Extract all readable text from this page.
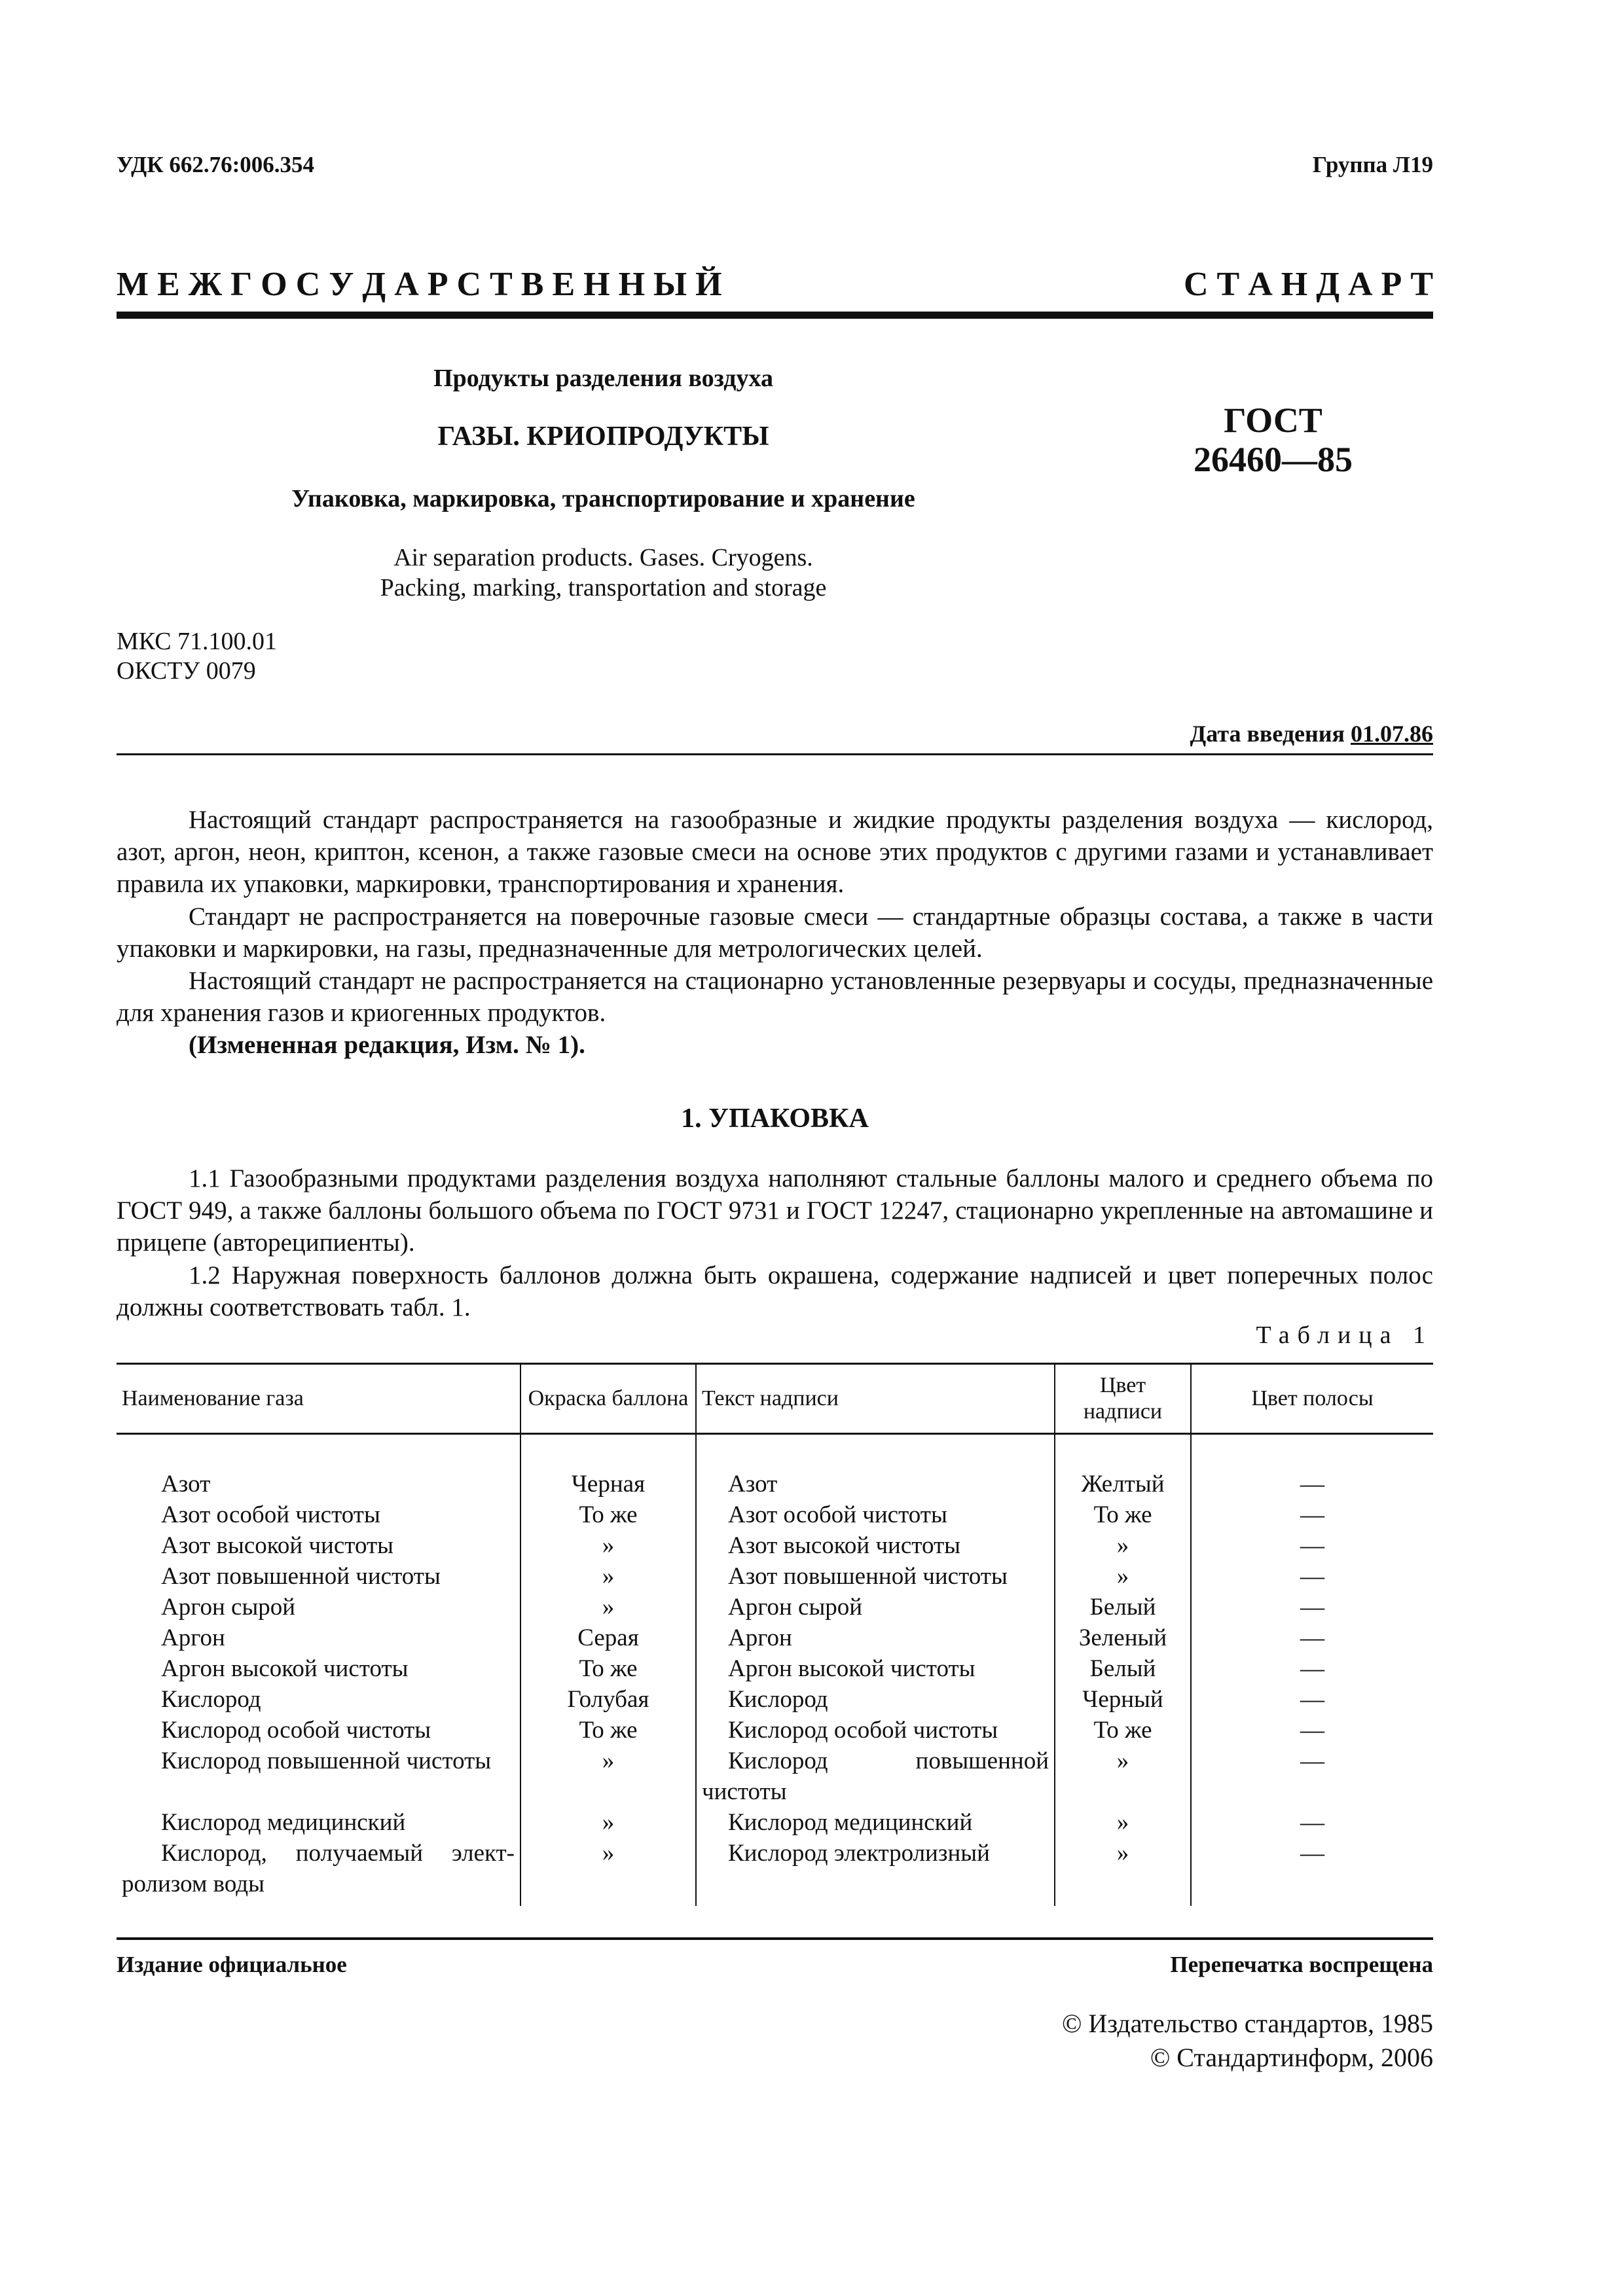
УДК 662.76:006.354	Группа Л19
М Е Ж Г О С У Д А Р С Т В Е Н Н Ы Й	С Т А Н Д А Р Т
Продукты разделения воздуха
ГАЗЫ. КРИОПРОДУКТЫ
Упаковка, маркировка, транспортирование и хранение
Air separation products. Gases. Cryogens.
Packing, marking, transportation and storage
ГОСТ
26460—85
МКС 71.100.01
ОКСТУ 0079
Дата введения 01.07.86
Настоящий стандарт распространяется на газообразные и жидкие продукты разделения воздуха — кислород, азот, аргон, неон, криптон, ксенон, а также газовые смеси на основе этих продуктов с другими газами и устанавливает правила их упаковки, маркировки, транспортирования и хранения.
Стандарт не распространяется на поверочные газовые смеси — стандартные образцы состава, а также в части упаковки и маркировки, на газы, предназначенные для метрологических целей.
Настоящий стандарт не распространяется на стационарно установленные резервуары и сосуды, предназначенные для хранения газов и криогенных продуктов.
(Измененная редакция, Изм. № 1).
1. УПАКОВКА
1.1 Газообразными продуктами разделения воздуха наполняют стальные баллоны малого и среднего объема по ГОСТ 949, а также баллоны большого объема по ГОСТ 9731 и ГОСТ 12247, стационарно укрепленные на автомашине и прицепе (автореципиенты).
1.2 Наружная поверхность баллонов должна быть окрашена, содержание надписей и цвет поперечных полос должны соответствовать табл. 1.
Таблица 1
Наименование газа	Окраска баллона	Текст надписи	Цвет надписи	Цвет полосы
Азот	Черная	Азот	Желтый	—
Азот особой чистоты	То же	Азот особой чистоты	То же	—
Азот высокой чистоты	»	Азот высокой чистоты	»	—
Азот повышенной чистоты	»	Азот повышенной чистоты	»	—
Аргон сырой	»	Аргон сырой	Белый	—
Аргон	Серая	Аргон	Зеленый	—
Аргон высокой чистоты	То же	Аргон высокой чистоты	Белый	—
Кислород	Голубая	Кислород	Черный	—
Кислород особой чистоты	То же	Кислород особой чистоты	То же	—
Кислород повышенной чистоты	»	Кислород повышенной чистоты	»	—
Кислород медицинский	»	Кислород медицинский	»	—
Кислород, получаемый электролизом воды	»	Кислород электролизный	»	—
Издание официальное	Перепечатка воспрещена
© Издательство стандартов, 1985
© Стандартинформ, 2006
